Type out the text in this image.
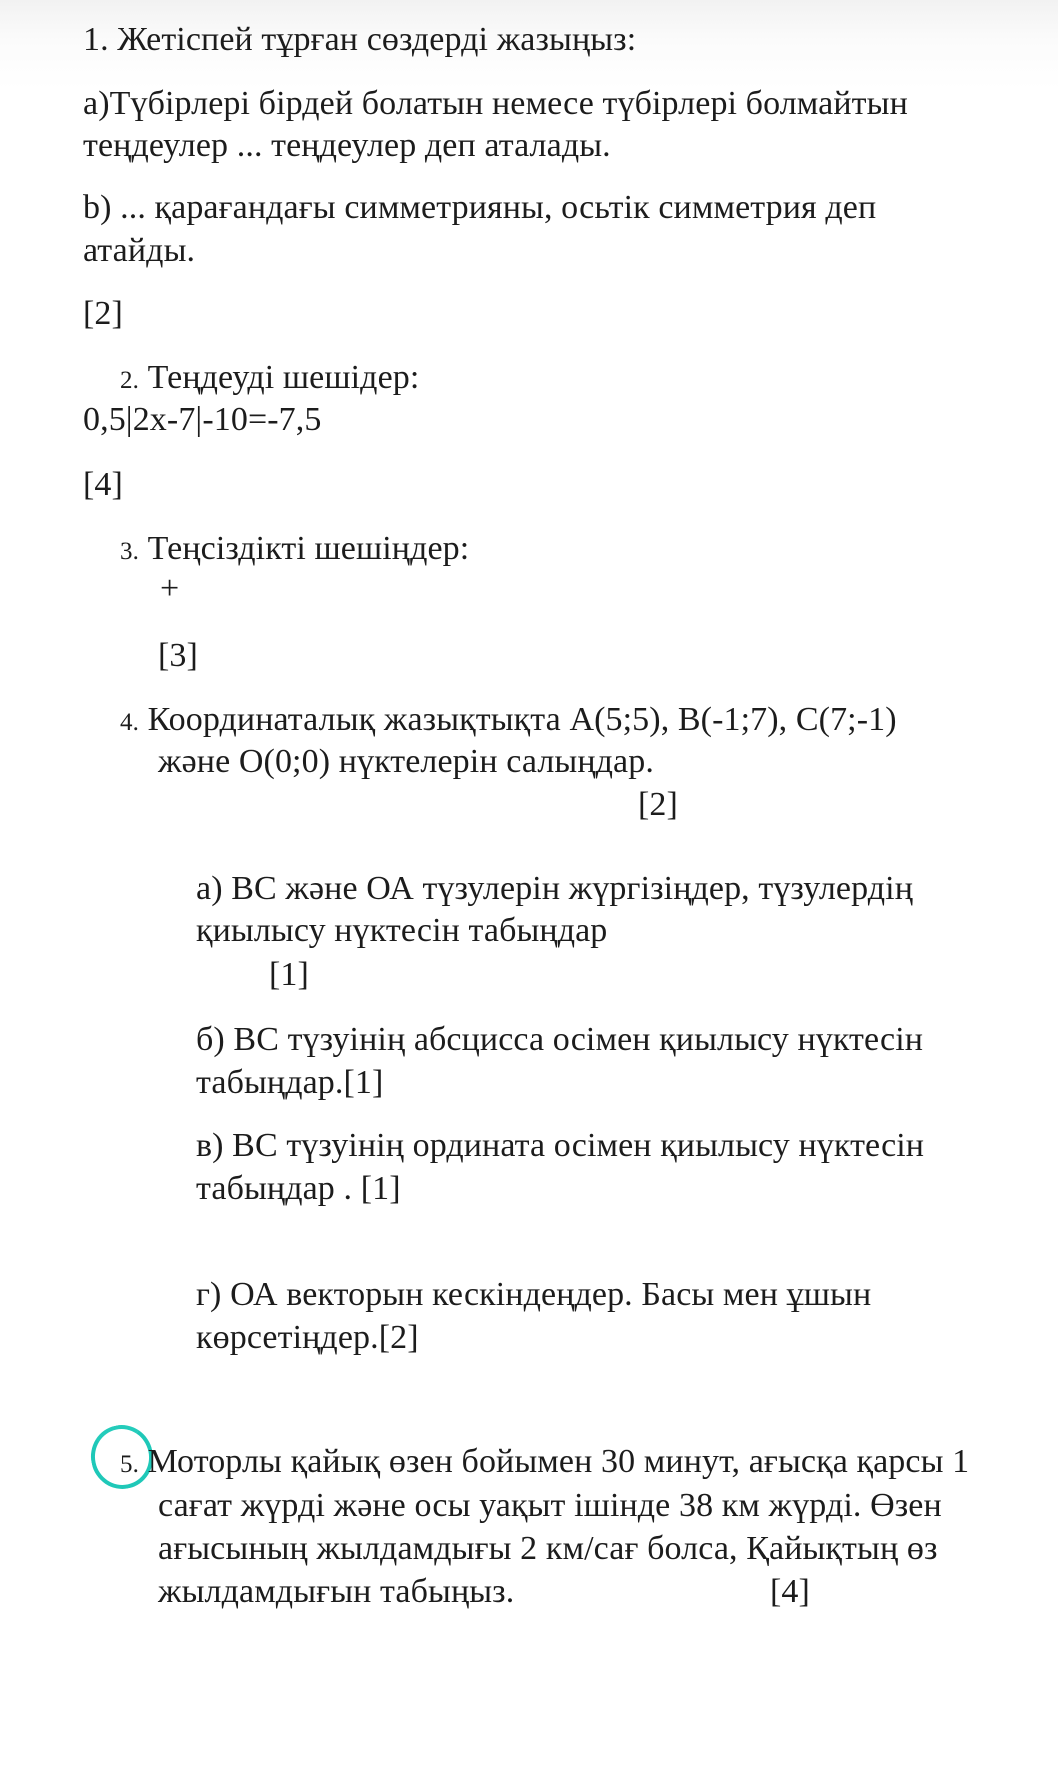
1. Жетіспей тұрған сөздерді жазыңыз:
а)Түбірлері бірдей болатын немесе түбірлері болмайтын
теңдеулер ... теңдеулер деп аталады.
b) ... қарағандағы симметрияны, осьтік симметрия деп
атайды.
[2]
2. Теңдеуді шешідер:
0,5|2х-7|-10=-7,5
[4]
3. Теңсіздікті шешіңдер:
+
[3]
4. Координаталық жазықтықта А(5;5), В(-1;7), С(7;-1)
және О(0;0) нүктелерін салыңдар.
[2]
а) ВС және ОА түзулерін жүргізіңдер, түзулердің
қиылысу нүктесін табыңдар
[1]
б) ВС түзуінің абсцисса осімен қиылысу нүктесін
табыңдар.[1]
в) ВС түзуінің ордината осімен қиылысу нүктесін
табыңдар . [1]
г) ОА векторын кескіндеңдер. Басы мен ұшын
көрсетіңдер.[2]
5. Моторлы қайық өзен бойымен 30 минут, ағысқа қарсы 1
сағат жүрді және осы уақыт ішінде 38 км жүрді. Өзен
ағысының жылдамдығы 2 км/сағ болса, Қайықтың өз
жылдамдығын табыңыз.	[4]
